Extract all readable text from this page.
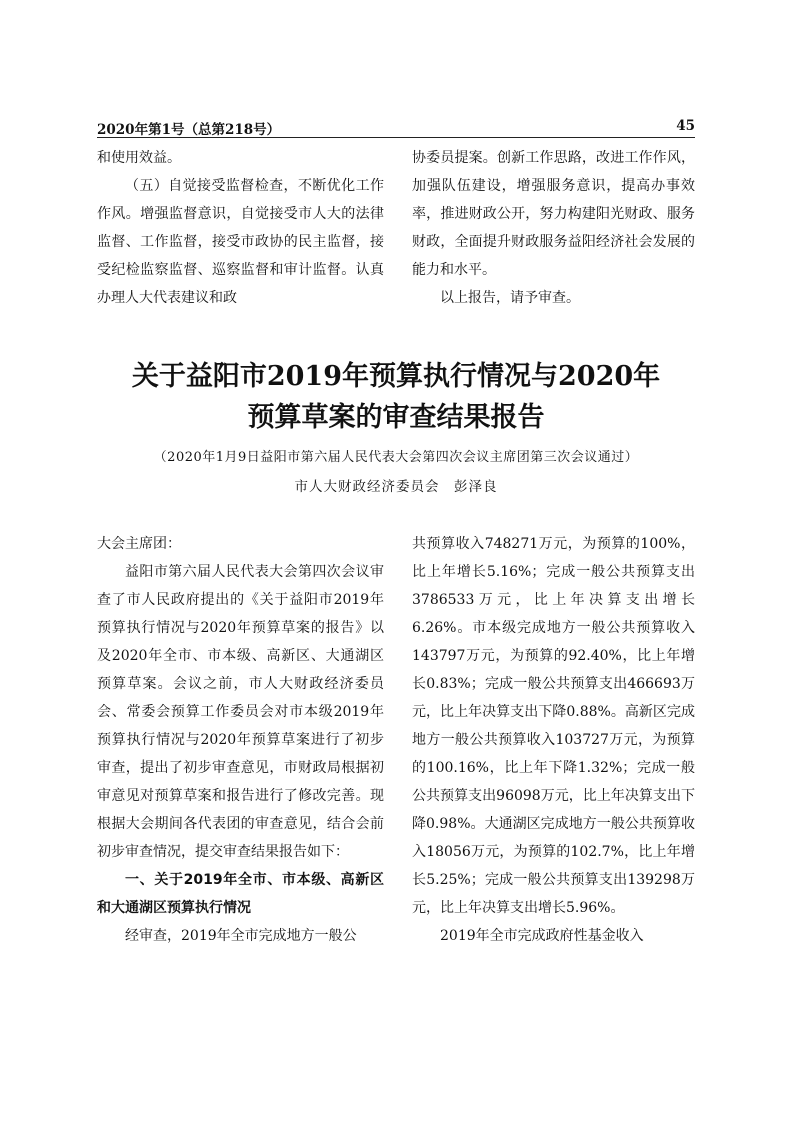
2020年第1号（总第218号）	45

和使用效益。

（五）自觉接受监督检查，不断优化工作作风。增强监督意识，自觉接受市人大的法律监督、工作监督，接受市政协的民主监督，接受纪检监察监督、巡察监督和审计监督。认真办理人大代表建议和政

协委员提案。创新工作思路，改进工作作风，加强队伍建设，增强服务意识，提高办事效率，推进财政公开，努力构建阳光财政、服务财政，全面提升财政服务益阳经济社会发展的能力和水平。

以上报告，请予审查。

关于益阳市2019年预算执行情况与2020年
预算草案的审查结果报告
（2020年1月9日益阳市第六届人民代表大会第四次会议主席团第三次会议通过）
市人大财政经济委员会　彭泽良

大会主席团：

益阳市第六届人民代表大会第四次会议审查了市人民政府提出的《关于益阳市2019年预算执行情况与2020年预算草案的报告》以及2020年全市、市本级、高新区、大通湖区预算草案。会议之前，市人大财政经济委员会、常委会预算工作委员会对市本级2019年预算执行情况与2020年预算草案进行了初步审查，提出了初步审查意见，市财政局根据初审意见对预算草案和报告进行了修改完善。现根据大会期间各代表团的审查意见，结合会前初步审查情况，提交审查结果报告如下：

一、关于2019年全市、市本级、高新区和大通湖区预算执行情况

经审查，2019年全市完成地方一般公

共预算收入748271万元，为预算的100%，比上年增长5.16%；完成一般公共预算支出3786533万元，比上年决算支出增长6.26%。市本级完成地方一般公共预算收入143797万元，为预算的92.40%，比上年增长0.83%；完成一般公共预算支出466693万元，比上年决算支出下降0.88%。高新区完成地方一般公共预算收入103727万元，为预算的100.16%，比上年下降1.32%；完成一般公共预算支出96098万元，比上年决算支出下降0.98%。大通湖区完成地方一般公共预算收入18056万元，为预算的102.7%，比上年增长5.25%；完成一般公共预算支出139298万元，比上年决算支出增长5.96%。

2019年全市完成政府性基金收入
